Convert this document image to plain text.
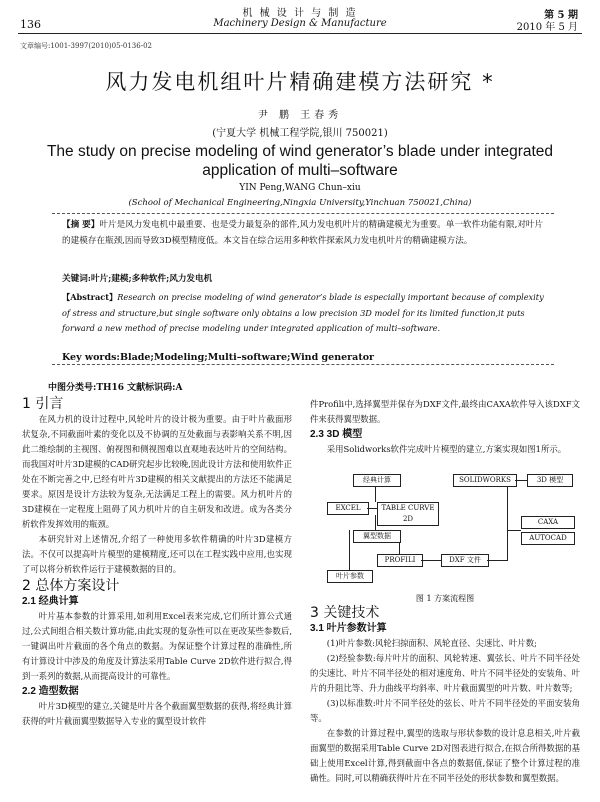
机 械 设 计 与 制 造
136	Machinery Design & Manufacture
第 5 期
2010 年 5 月
文章编号:1001-3997(2010)05-0136-02
风力发电机组叶片精确建模方法研究 *
尹 鹏 王春秀
(宁夏大学 机械工程学院,银川 750021)
The study on precise modeling of wind generator’s blade under integrated application of multi–software
YIN Peng,WANG Chun–xiu
(School of Mechanical Engineering,Ningxia University,Yinchuan 750021,China)
【摘 要】叶片是风力发电机中最重要、也是受力最复杂的部件,风力发电机叶片的精确建模尤为重要。单一软件功能有限,对叶片的建模存在瓶颈,因而导致3D模型精度低。本文旨在综合运用多种软件探索风力发电机叶片的精确建模方法。
关键词:叶片;建模;多种软件;风力发电机
【Abstract】Research on precise modeling of wind generator’s blade is especially important because of complexity of stress and structure,but single software only obtains a low precision 3D model for its limited function,it puts forward a new method of precise modeling under integrated application of multi–software.
Key words:Blade;Modeling;Multi–software;Wind generator
中图分类号:TH16 文献标识码:A
1 引言
在风力机的设计过程中,风轮叶片的设计极为重要。由于叶片截面形状复杂,不同截面叶素的变化以及不协调的互处截面与表影响关系不明,因此二维绘制的主视图、俯视图和侧视图难以直观地表达叶片的空间结构。而我国对叶片3D建模的CAD研究起步比较晚,因此设计方法和使用软件正处在不断完善之中,已经有叶片3D建模的相关文献提出的方法还不能满足要求。原因是设计方法较为复杂,无法满足工程上的需要。风力机叶片的3D建模在一定程度上阻碍了风力机叶片的自主研发和改进。成为各类分析软件发挥效用的瓶颈。
本研究针对上述情况,介绍了一种使用多软件精确的叶片3D建模方法。不仅可以提高叶片模型的建模精度,还可以在工程实践中应用,也实现了可以将分析软件运行于建模数据的目的。
2 总体方案设计
2.1 经典计算
叶片基本参数的计算采用,如利用Excel表来完成,它们所计算公式通过,公式间组合相关数计算功能,由此实现的复杂性可以在更改某些参数后,一键调出叶片截面的各个角点的数据。为保证整个计算过程的准确性,所有计算设计中涉及的角度及计算法采用Table Curve 2D软件进行拟合,得到一系列的数据,从而提高设计的可靠性。
2.2 造型数据
叶片3D模型的建立,关键是叶片各个截面翼型数据的获得,将经典计算获得的叶片截面翼型数据导入专业的翼型设计软件
件Profili中,选择翼型并保存为DXF文件,最终由CAXA软件导入该DXF文件来获得翼型数据。
2.3 3D 模型
采用Solidworks软件完成叶片模型的建立,方案实现如图1所示。
经典计算
EXCEL	TABLE CURVE 2D
翼型数据
PROFILI	DXF 文件
叶片参数
SOLIDWORKS	3D 模型
CAXA
AUTOCAD
图 1 方案流程图
3 关键技术
3.1 叶片参数计算
(1)叶片参数:风轮扫掠面积、风轮直径、尖速比、叶片数;
(2)经验参数:每片叶片的面积、风轮转速、翼弦长、叶片不同半径处的尖速比、叶片不同半径处的相对速度角、叶片不同半径处的安装角、叶片的升阻比等、升力曲线平均斜率、叶片截面翼型的叶片数、叶片数等;
(3)以标准数:叶片不同半径处的弦长、叶片不同半径处的平面安装角等。
在参数的计算过程中,翼型的选取与形状参数的设计息息相关,叶片截面翼型的数据采用Table Curve 2D对图表进行拟合,在拟合所得数据的基础上使用Excel计算,得到截面中各点的数据值,保证了整个计算过程的准确性。同时,可以精确获得叶片在不同半径处的形状参数和翼型数据。
